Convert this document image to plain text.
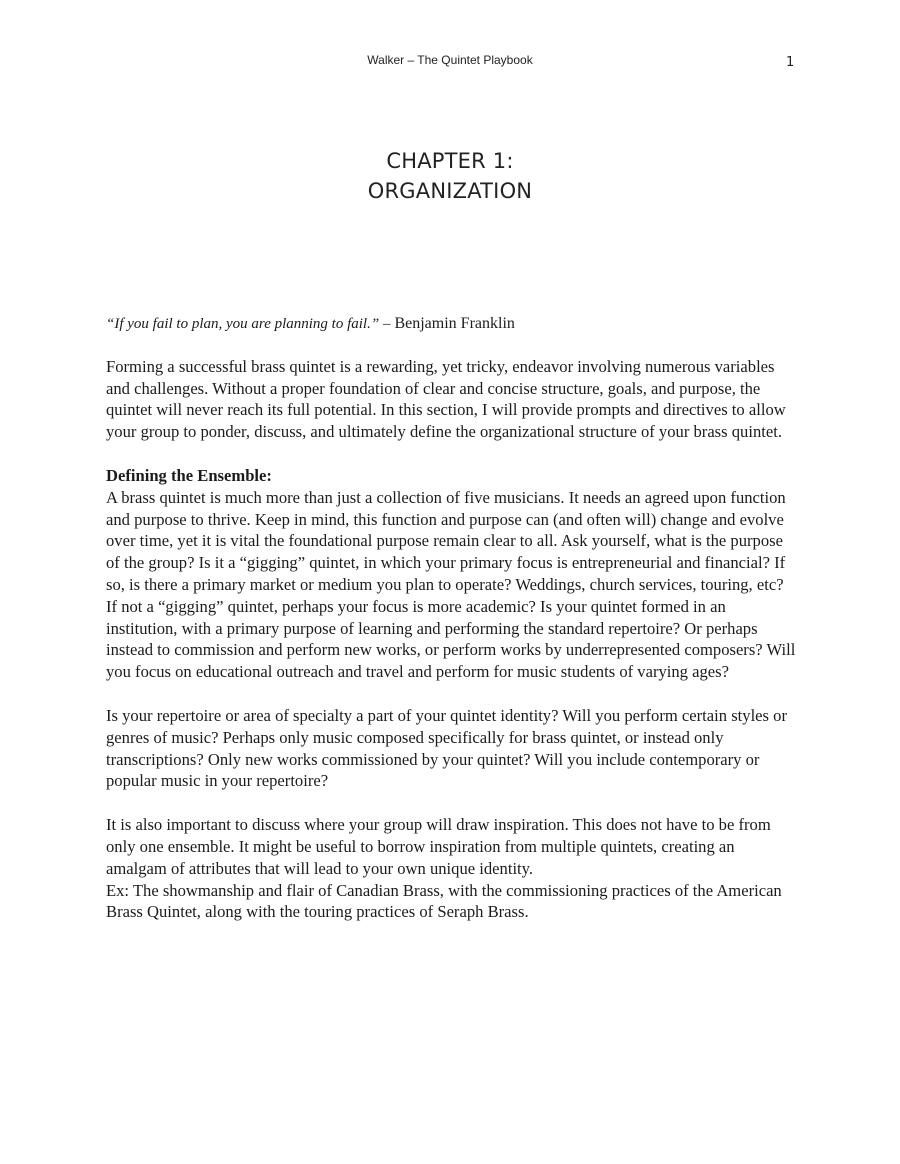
Walker – The Quintet Playbook	1
CHAPTER 1:
ORGANIZATION

“If you fail to plan, you are planning to fail.” – Benjamin Franklin

Forming a successful brass quintet is a rewarding, yet tricky, endeavor involving numerous variables and challenges. Without a proper foundation of clear and concise structure, goals, and purpose, the quintet will never reach its full potential. In this section, I will provide prompts and directives to allow your group to ponder, discuss, and ultimately define the organizational structure of your brass quintet.

Defining the Ensemble:

A brass quintet is much more than just a collection of five musicians. It needs an agreed upon function and purpose to thrive. Keep in mind, this function and purpose can (and often will) change and evolve over time, yet it is vital the foundational purpose remain clear to all. Ask yourself, what is the purpose of the group? Is it a “gigging” quintet, in which your primary focus is entrepreneurial and financial? If so, is there a primary market or medium you plan to operate? Weddings, church services, touring, etc? If not a “gigging” quintet, perhaps your focus is more academic? Is your quintet formed in an institution, with a primary purpose of learning and performing the standard repertoire? Or perhaps instead to commission and perform new works, or perform works by underrepresented composers? Will you focus on educational outreach and travel and perform for music students of varying ages?

Is your repertoire or area of specialty a part of your quintet identity? Will you perform certain styles or genres of music? Perhaps only music composed specifically for brass quintet, or instead only transcriptions? Only new works commissioned by your quintet? Will you include contemporary or popular music in your repertoire?

It is also important to discuss where your group will draw inspiration. This does not have to be from only one ensemble. It might be useful to borrow inspiration from multiple quintets, creating an amalgam of attributes that will lead to your own unique identity.

Ex: The showmanship and flair of Canadian Brass, with the commissioning practices of the American Brass Quintet, along with the touring practices of Seraph Brass.
